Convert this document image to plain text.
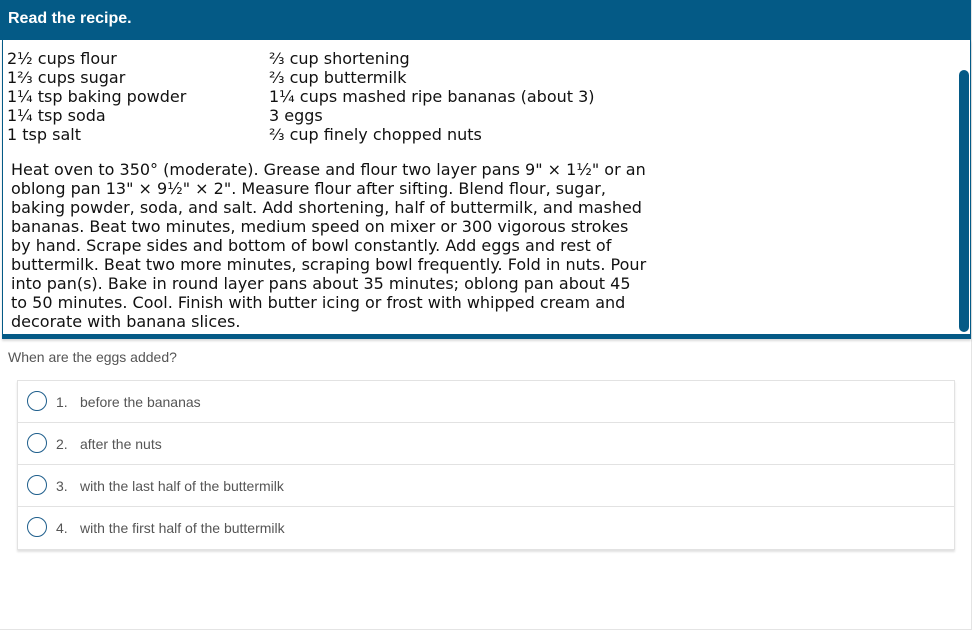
Read the recipe.
2½ cups flour
1⅔ cups sugar
1¼ tsp baking powder
1¼ tsp soda
1 tsp salt
⅔ cup shortening
⅔ cup buttermilk
1¼ cups mashed ripe bananas (about 3)
3 eggs
⅔ cup finely chopped nuts
Heat oven to 350° (moderate). Grease and flour two layer pans 9" × 1½" or an oblong pan 13" × 9½" × 2". Measure flour after sifting. Blend flour, sugar, baking powder, soda, and salt. Add shortening, half of buttermilk, and mashed bananas. Beat two minutes, medium speed on mixer or 300 vigorous strokes by hand. Scrape sides and bottom of bowl constantly. Add eggs and rest of buttermilk. Beat two more minutes, scraping bowl frequently. Fold in nuts. Pour into pan(s). Bake in round layer pans about 35 minutes; oblong pan about 45 to 50 minutes. Cool. Finish with butter icing or frost with whipped cream and decorate with banana slices.
When are the eggs added?
1. before the bananas
2. after the nuts
3. with the last half of the buttermilk
4. with the first half of the buttermilk
